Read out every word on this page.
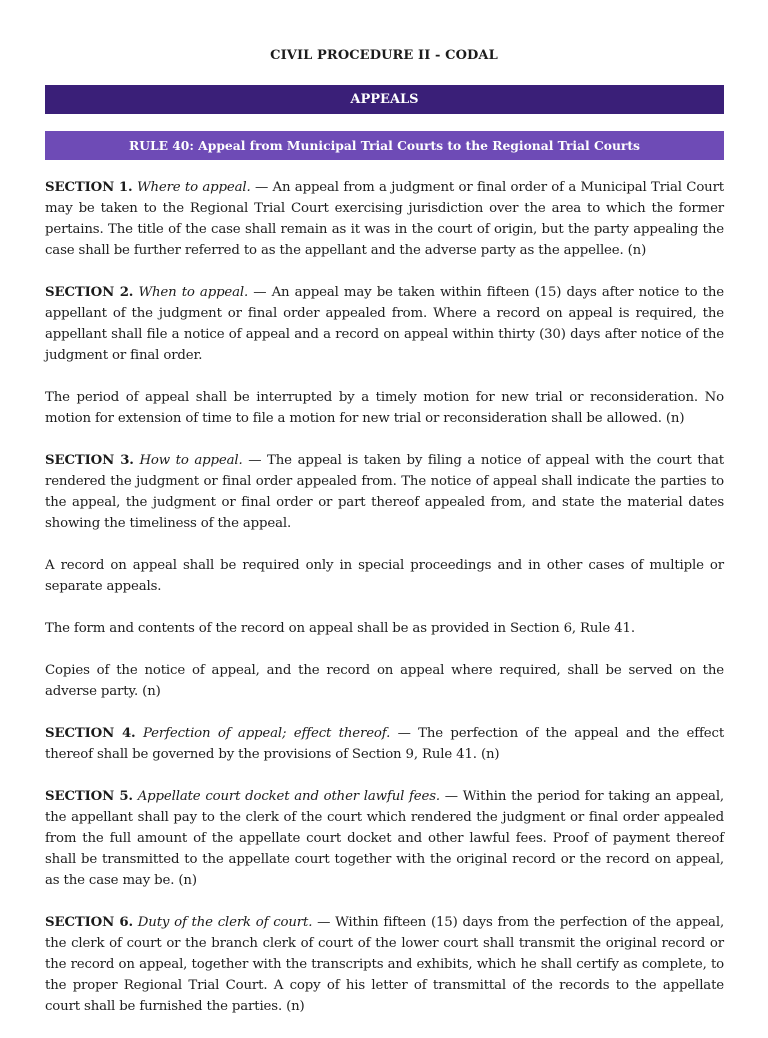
CIVIL PROCEDURE II - CODAL
APPEALS
RULE 40: Appeal from Municipal Trial Courts to the Regional Trial Courts

SECTION 1. Where to appeal. — An appeal from a judgment or final order of a Municipal Trial Court may be taken to the Regional Trial Court exercising jurisdiction over the area to which the former pertains. The title of the case shall remain as it was in the court of origin, but the party appealing the case shall be further referred to as the appellant and the adverse party as the appellee. (n)

SECTION 2. When to appeal. — An appeal may be taken within fifteen (15) days after notice to the appellant of the judgment or final order appealed from. Where a record on appeal is required, the appellant shall file a notice of appeal and a record on appeal within thirty (30) days after notice of the judgment or final order.

The period of appeal shall be interrupted by a timely motion for new trial or reconsideration. No motion for extension of time to file a motion for new trial or reconsideration shall be allowed. (n)

SECTION 3. How to appeal. — The appeal is taken by filing a notice of appeal with the court that rendered the judgment or final order appealed from. The notice of appeal shall indicate the parties to the appeal, the judgment or final order or part thereof appealed from, and state the material dates showing the timeliness of the appeal.

A record on appeal shall be required only in special proceedings and in other cases of multiple or separate appeals.

The form and contents of the record on appeal shall be as provided in Section 6, Rule 41.

Copies of the notice of appeal, and the record on appeal where required, shall be served on the adverse party. (n)

SECTION 4. Perfection of appeal; effect thereof. — The perfection of the appeal and the effect thereof shall be governed by the provisions of Section 9, Rule 41. (n)

SECTION 5. Appellate court docket and other lawful fees. — Within the period for taking an appeal, the appellant shall pay to the clerk of the court which rendered the judgment or final order appealed from the full amount of the appellate court docket and other lawful fees. Proof of payment thereof shall be transmitted to the appellate court together with the original record or the record on appeal, as the case may be. (n)

SECTION 6. Duty of the clerk of court. — Within fifteen (15) days from the perfection of the appeal, the clerk of court or the branch clerk of court of the lower court shall transmit the original record or the record on appeal, together with the transcripts and exhibits, which he shall certify as complete, to the proper Regional Trial Court. A copy of his letter of transmittal of the records to the appellate court shall be furnished the parties. (n)
